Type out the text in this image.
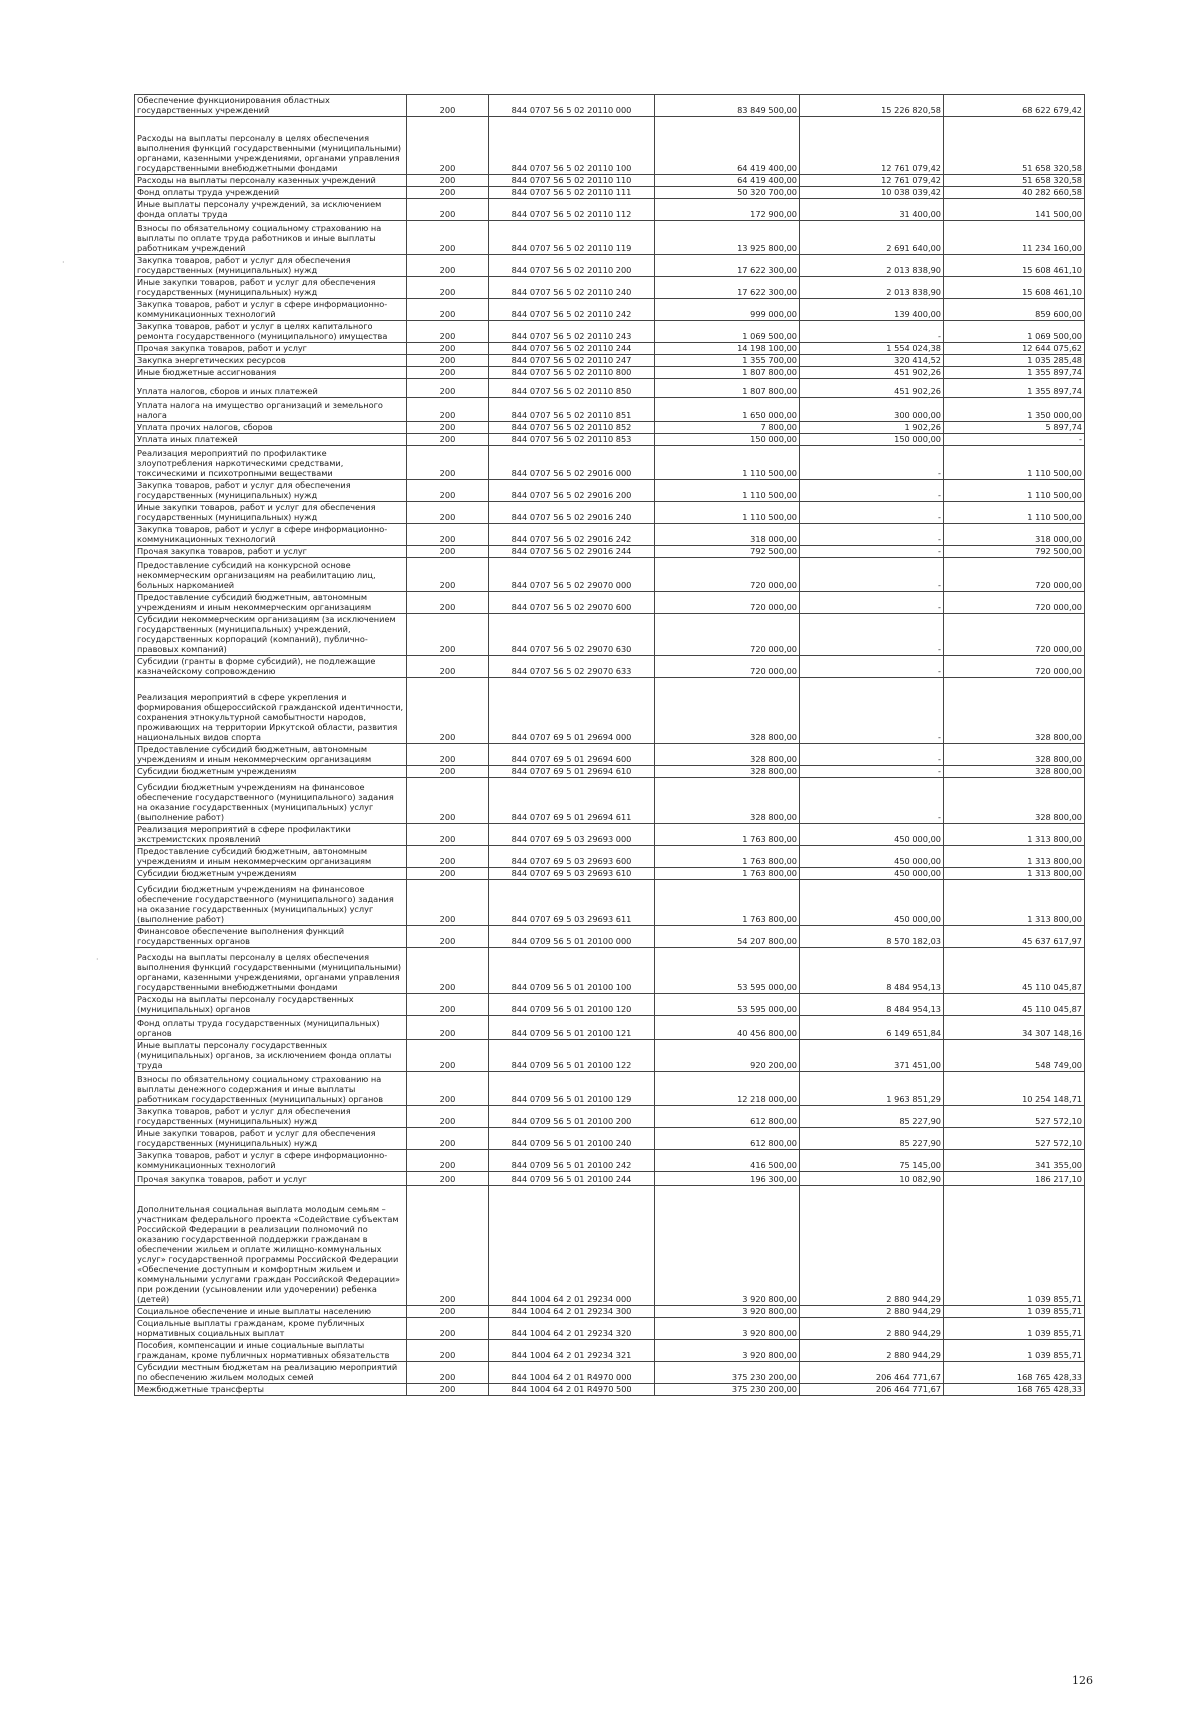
·
·
Обеспечение функционирования областных государственных учреждений	200	844 0707 56 5 02 20110 000	83 849 500,00	15 226 820,58	68 622 679,42
Расходы на выплаты персоналу в целях обеспечения выполнения функций государственными (муниципальными) органами, казенными учреждениями, органами управления государственными внебюджетными фондами	200	844 0707 56 5 02 20110 100	64 419 400,00	12 761 079,42	51 658 320,58
Расходы на выплаты персоналу казенных учреждений	200	844 0707 56 5 02 20110 110	64 419 400,00	12 761 079,42	51 658 320,58
Фонд оплаты труда учреждений	200	844 0707 56 5 02 20110 111	50 320 700,00	10 038 039,42	40 282 660,58
Иные выплаты персоналу учреждений, за исключением фонда оплаты труда	200	844 0707 56 5 02 20110 112	172 900,00	31 400,00	141 500,00
Взносы по обязательному социальному страхованию на выплаты по оплате труда работников и иные выплаты работникам учреждений	200	844 0707 56 5 02 20110 119	13 925 800,00	2 691 640,00	11 234 160,00
Закупка товаров, работ и услуг для обеспечения государственных (муниципальных) нужд	200	844 0707 56 5 02 20110 200	17 622 300,00	2 013 838,90	15 608 461,10
Иные закупки товаров, работ и услуг для обеспечения государственных (муниципальных) нужд	200	844 0707 56 5 02 20110 240	17 622 300,00	2 013 838,90	15 608 461,10
Закупка товаров, работ и услуг в сфере информационно-коммуникационных технологий	200	844 0707 56 5 02 20110 242	999 000,00	139 400,00	859 600,00
Закупка товаров, работ и услуг в целях капитального ремонта государственного (муниципального) имущества	200	844 0707 56 5 02 20110 243	1 069 500,00	-	1 069 500,00
Прочая закупка товаров, работ и услуг	200	844 0707 56 5 02 20110 244	14 198 100,00	1 554 024,38	12 644 075,62
Закупка энергетических ресурсов	200	844 0707 56 5 02 20110 247	1 355 700,00	320 414,52	1 035 285,48
Иные бюджетные ассигнования	200	844 0707 56 5 02 20110 800	1 807 800,00	451 902,26	1 355 897,74
Уплата налогов, сборов и иных платежей	200	844 0707 56 5 02 20110 850	1 807 800,00	451 902,26	1 355 897,74
Уплата налога на имущество организаций и земельного налога	200	844 0707 56 5 02 20110 851	1 650 000,00	300 000,00	1 350 000,00
Уплата прочих налогов, сборов	200	844 0707 56 5 02 20110 852	7 800,00	1 902,26	5 897,74
Уплата иных платежей	200	844 0707 56 5 02 20110 853	150 000,00	150 000,00	-
Реализация мероприятий по профилактике злоупотребления наркотическими средствами, токсическими и психотропными веществами	200	844 0707 56 5 02 29016 000	1 110 500,00	-	1 110 500,00
Закупка товаров, работ и услуг для обеспечения государственных (муниципальных) нужд	200	844 0707 56 5 02 29016 200	1 110 500,00	-	1 110 500,00
Иные закупки товаров, работ и услуг для обеспечения государственных (муниципальных) нужд	200	844 0707 56 5 02 29016 240	1 110 500,00	-	1 110 500,00
Закупка товаров, работ и услуг в сфере информационно-коммуникационных технологий	200	844 0707 56 5 02 29016 242	318 000,00	-	318 000,00
Прочая закупка товаров, работ и услуг	200	844 0707 56 5 02 29016 244	792 500,00	-	792 500,00
Предоставление субсидий на конкурсной основе некоммерческим организациям на реабилитацию лиц, больных наркоманией	200	844 0707 56 5 02 29070 000	720 000,00	-	720 000,00
Предоставление субсидий бюджетным, автономным учреждениям и иным некоммерческим организациям	200	844 0707 56 5 02 29070 600	720 000,00	-	720 000,00
Субсидии некоммерческим организациям (за исключением государственных (муниципальных) учреждений, государственных корпораций (компаний), публично-правовых компаний)	200	844 0707 56 5 02 29070 630	720 000,00	-	720 000,00
Субсидии (гранты в форме субсидий), не подлежащие казначейскому сопровождению	200	844 0707 56 5 02 29070 633	720 000,00	-	720 000,00
Реализация мероприятий в сфере укрепления и формирования общероссийской гражданской идентичности, сохранения этнокультурной самобытности народов, проживающих на территории Иркутской области, развития национальных видов спорта	200	844 0707 69 5 01 29694 000	328 800,00	-	328 800,00
Предоставление субсидий бюджетным, автономным учреждениям и иным некоммерческим организациям	200	844 0707 69 5 01 29694 600	328 800,00	-	328 800,00
Субсидии бюджетным учреждениям	200	844 0707 69 5 01 29694 610	328 800,00	-	328 800,00
Субсидии бюджетным учреждениям на финансовое обеспечение государственного (муниципального) задания на оказание государственных (муниципальных) услуг (выполнение работ)	200	844 0707 69 5 01 29694 611	328 800,00	-	328 800,00
Реализация мероприятий в сфере профилактики экстремистских проявлений	200	844 0707 69 5 03 29693 000	1 763 800,00	450 000,00	1 313 800,00
Предоставление субсидий бюджетным, автономным учреждениям и иным некоммерческим организациям	200	844 0707 69 5 03 29693 600	1 763 800,00	450 000,00	1 313 800,00
Субсидии бюджетным учреждениям	200	844 0707 69 5 03 29693 610	1 763 800,00	450 000,00	1 313 800,00
Субсидии бюджетным учреждениям на финансовое обеспечение государственного (муниципального) задания на оказание государственных (муниципальных) услуг (выполнение работ)	200	844 0707 69 5 03 29693 611	1 763 800,00	450 000,00	1 313 800,00
Финансовое обеспечение выполнения функций государственных органов	200	844 0709 56 5 01 20100 000	54 207 800,00	8 570 182,03	45 637 617,97
Расходы на выплаты персоналу в целях обеспечения выполнения функций государственными (муниципальными) органами, казенными учреждениями, органами управления государственными внебюджетными фондами	200	844 0709 56 5 01 20100 100	53 595 000,00	8 484 954,13	45 110 045,87
Расходы на выплаты персоналу государственных (муниципальных) органов	200	844 0709 56 5 01 20100 120	53 595 000,00	8 484 954,13	45 110 045,87
Фонд оплаты труда государственных (муниципальных) органов	200	844 0709 56 5 01 20100 121	40 456 800,00	6 149 651,84	34 307 148,16
Иные выплаты персоналу государственных (муниципальных) органов, за исключением фонда оплаты труда	200	844 0709 56 5 01 20100 122	920 200,00	371 451,00	548 749,00
Взносы по обязательному социальному страхованию на выплаты денежного содержания и иные выплаты работникам государственных (муниципальных) органов	200	844 0709 56 5 01 20100 129	12 218 000,00	1 963 851,29	10 254 148,71
Закупка товаров, работ и услуг для обеспечения государственных (муниципальных) нужд	200	844 0709 56 5 01 20100 200	612 800,00	85 227,90	527 572,10
Иные закупки товаров, работ и услуг для обеспечения государственных (муниципальных) нужд	200	844 0709 56 5 01 20100 240	612 800,00	85 227,90	527 572,10
Закупка товаров, работ и услуг в сфере информационно-коммуникационных технологий	200	844 0709 56 5 01 20100 242	416 500,00	75 145,00	341 355,00
Прочая закупка товаров, работ и услуг	200	844 0709 56 5 01 20100 244	196 300,00	10 082,90	186 217,10
Дополнительная социальная выплата молодым семьям – участникам федерального проекта «Содействие субъектам Российской Федерации в реализации полномочий по оказанию государственной поддержки гражданам в обеспечении жильем и оплате жилищно-коммунальных услуг» государственной программы Российской Федерации «Обеспечение доступным и комфортным жильем и коммунальными услугами граждан Российской Федерации» при рождении (усыновлении или удочерении) ребенка (детей)	200	844 1004 64 2 01 29234 000	3 920 800,00	2 880 944,29	1 039 855,71
Социальное обеспечение и иные выплаты населению	200	844 1004 64 2 01 29234 300	3 920 800,00	2 880 944,29	1 039 855,71
Социальные выплаты гражданам, кроме публичных нормативных социальных выплат	200	844 1004 64 2 01 29234 320	3 920 800,00	2 880 944,29	1 039 855,71
Пособия, компенсации и иные социальные выплаты гражданам, кроме публичных нормативных обязательств	200	844 1004 64 2 01 29234 321	3 920 800,00	2 880 944,29	1 039 855,71
Субсидии местным бюджетам на реализацию мероприятий по обеспечению жильем молодых семей	200	844 1004 64 2 01 R4970 000	375 230 200,00	206 464 771,67	168 765 428,33
Межбюджетные трансферты	200	844 1004 64 2 01 R4970 500	375 230 200,00	206 464 771,67	168 765 428,33
126
